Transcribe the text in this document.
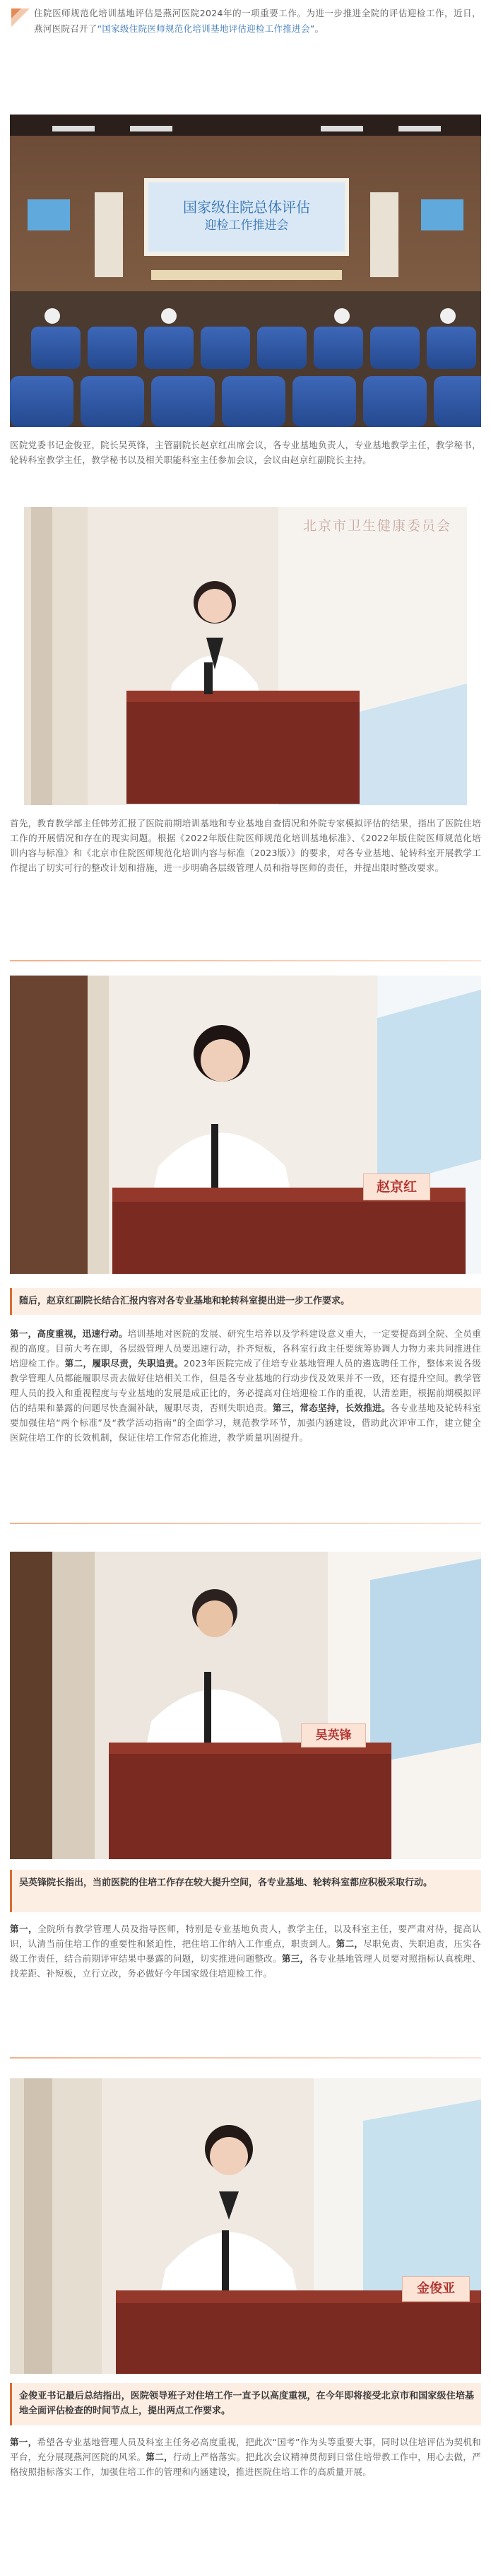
住院医师规范化培训基地评估是燕河医院2024年的一项重要工作。为进一步推进全院的评估迎检工作，近日，燕河医院召开了“国家级住院医师规范化培训基地评估迎检工作推进会”。

国家级住院总体评估
迎检工作推进会

医院党委书记金俊亚，院长吴英锋，主管副院长赵京红出席会议，各专业基地负责人，专业基地教学主任，教学秘书，轮转科室教学主任，教学秘书以及相关职能科室主任参加会议，会议由赵京红副院长主持。

北京市卫生健康委员会

首先，教育教学部主任韩芳汇报了医院前期培训基地和专业基地自查情况和外院专家模拟评估的结果，指出了医院住培工作的开展情况和存在的现实问题。根据《2022年版住院医师规范化培训基地标准》、《2022年版住院医师规范化培训内容与标准》和《北京市住院医师规范化培训内容与标准（2023版）》的要求，对各专业基地、轮转科室开展教学工作提出了切实可行的整改计划和措施，进一步明确各层级管理人员和指导医师的责任，并提出限时整改要求。

赵京红
随后，赵京红副院长结合汇报内容对各专业基地和轮转科室提出进一步工作要求。
第一，高度重视，迅速行动。培训基地对医院的发展、研究生培养以及学科建设意义重大，一定要提高到全院、全员重视的高度。目前大考在即，各层级管理人员要迅速行动，扑齐短板，各科室行政主任要统筹协调人力物力来共同推进住培迎检工作。第二，履职尽责，失职追责。2023年医院完成了住培专业基地管理人员的遴选聘任工作，整体来说各级教学管理人员都能履职尽责去做好住培相关工作，但是各专业基地的行动步伐及效果并不一致，还有提升空间。教学管理人员的投入和重视程度与专业基地的发展是成正比的，务必提高对住培迎检工作的重视，认清差距，根据前期模拟评估的结果和暴露的问题尽快查漏补缺，履职尽责，否则失职追责。第三，常态坚持，长效推进。各专业基地及轮转科室要加强住培“两个标准”及“教学活动指南”的全面学习，规范教学环节，加强内涵建设，借助此次评审工作，建立健全医院住培工作的长效机制，保证住培工作常态化推进，教学质量巩固提升。
吴英锋
吴英锋院长指出，当前医院的住培工作存在较大提升空间，各专业基地、轮转科室都应积极采取行动。
第一，全院所有教学管理人员及指导医师，特别是专业基地负责人，教学主任，以及科室主任，要严肃对待，提高认识，认清当前住培工作的重要性和紧迫性，把住培工作纳入工作重点，职责到人。第二，尽职免责、失职追责，压实各级工作责任，结合前期评审结果中暴露的问题，切实推进问题整改。第三，各专业基地管理人员要对照指标认真梳理、找差距、补短板，立行立改，务必做好今年国家级住培迎检工作。
金俊亚
金俊亚书记最后总结指出，医院领导班子对住培工作一直予以高度重视，在今年即将接受北京市和国家级住培基地全面评估检查的时间节点上，提出两点工作要求。
第一，希望各专业基地管理人员及科室主任务必高度重视，把此次“国考”作为头等重要大事，同时以住培评估为契机和平台，充分展现燕河医院的风采。第二，行动上严格落实。把此次会议精神贯彻到日常住培带教工作中，用心去做，严格按照指标落实工作，加强住培工作的管理和内涵建设，推进医院住培工作的高质量开展。
